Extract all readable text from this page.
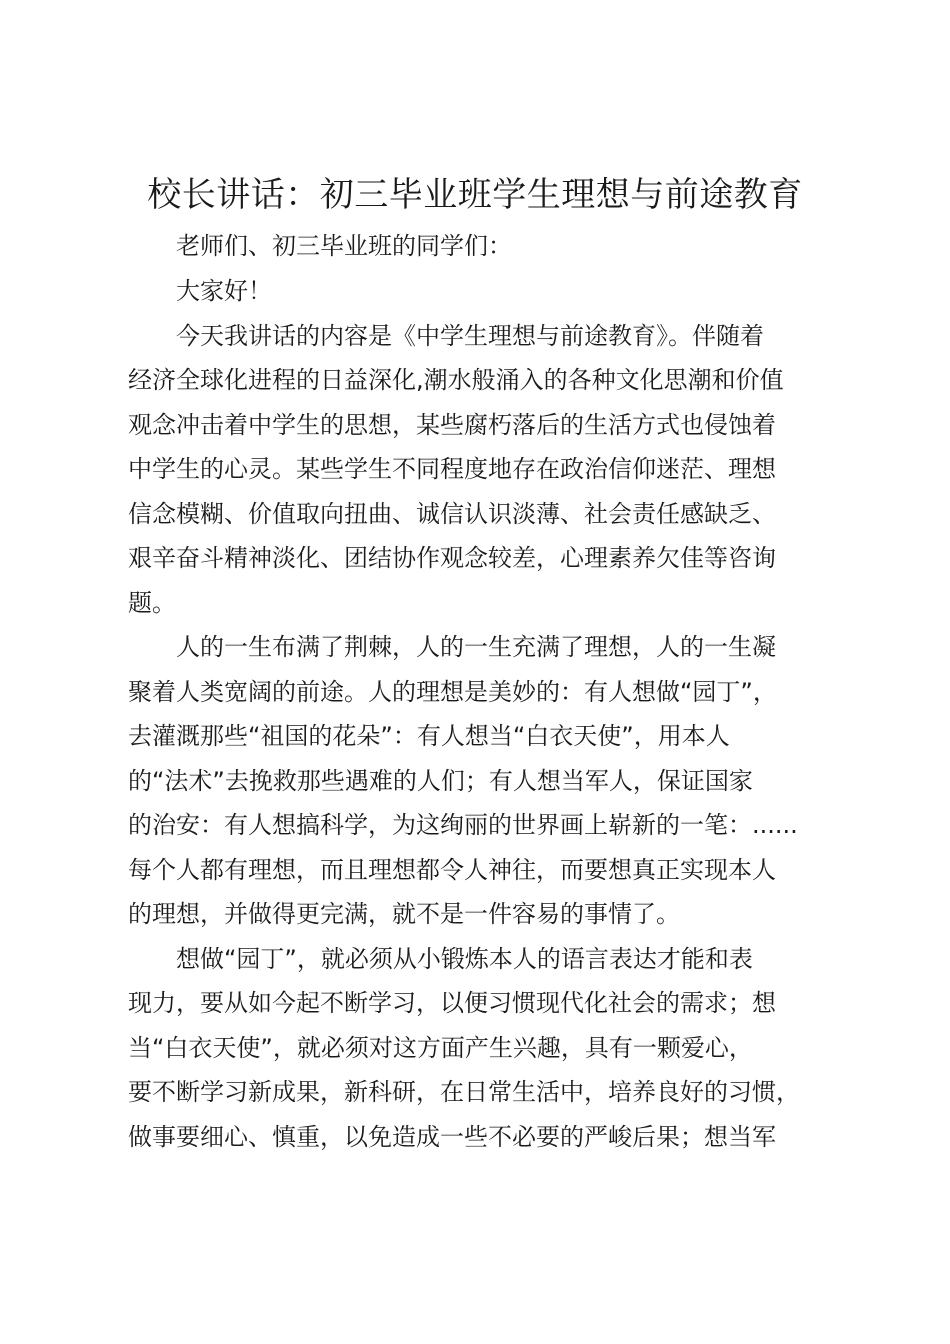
校长讲话：初三毕业班学生理想与前途教育
老师们、初三毕业班的同学们：
大家好！
今天我讲话的内容是《中学生理想与前途教育》。伴随着
经济全球化进程的日益深化,潮水般涌入的各种文化思潮和价值
观念冲击着中学生的思想，某些腐朽落后的生活方式也侵蚀着
中学生的心灵。某些学生不同程度地存在政治信仰迷茫、理想
信念模糊、价值取向扭曲、诚信认识淡薄、社会责任感缺乏、
艰辛奋斗精神淡化、团结协作观念较差，心理素养欠佳等咨询
题。
人的一生布满了荆棘，人的一生充满了理想，人的一生凝
聚着人类宽阔的前途。人的理想是美妙的：有人想做“园丁”，
去灌溉那些“祖国的花朵”：有人想当“白衣天使”，用本人
的“法术”去挽救那些遇难的人们；有人想当军人，保证国家
的治安：有人想搞科学，为这绚丽的世界画上崭新的一笔：......
每个人都有理想，而且理想都令人神往，而要想真正实现本人
的理想，并做得更完满，就不是一件容易的事情了。
想做“园丁”，就必须从小锻炼本人的语言表达才能和表
现力，要从如今起不断学习，以便习惯现代化社会的需求；想
当“白衣天使”，就必须对这方面产生兴趣，具有一颗爱心，
要不断学习新成果，新科研，在日常生活中，培养良好的习惯，
做事要细心、慎重，以免造成一些不必要的严峻后果；想当军
